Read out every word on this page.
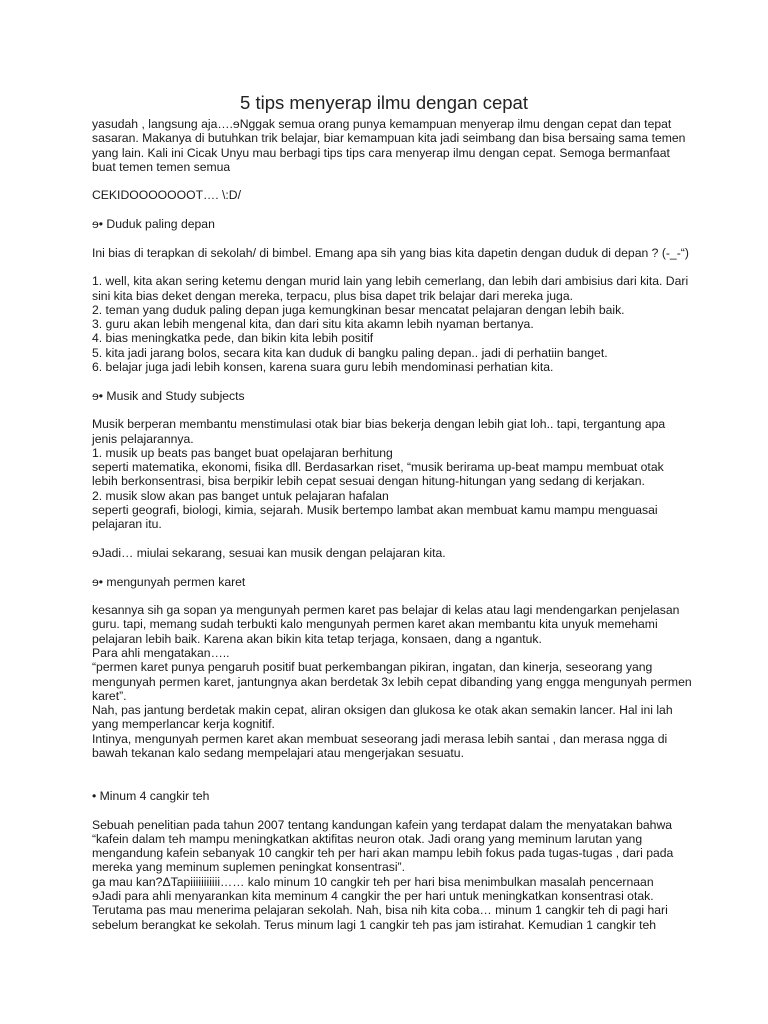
5 tips menyerap ilmu dengan cepat

yasudah , langsung aja….ɘNggak semua orang punya kemampuan menyerap ilmu dengan cepat dan tepat

sasaran. Makanya di butuhkan trik belajar, biar kemampuan kita jadi seimbang dan bisa bersaing sama temen

yang lain. Kali ini Cicak Unyu mau berbagi tips tips cara menyerap ilmu dengan cepat. Semoga bermanfaat

buat temen temen semua

CEKIDOOOOOOOT…. \:D/

ɘ• Duduk paling depan

Ini bias di terapkan di sekolah/ di bimbel. Emang apa sih yang bias kita dapetin dengan duduk di depan ? (-_-“)

1. well, kita akan sering ketemu dengan murid lain yang lebih cemerlang, dan lebih dari ambisius dari kita. Dari

sini kita bias deket dengan mereka, terpacu, plus bisa dapet trik belajar dari mereka juga.

2. teman yang duduk paling depan juga kemungkinan besar mencatat pelajaran dengan lebih baik.

3. guru akan lebih mengenal kita, dan dari situ kita akamn lebih nyaman bertanya.

4. bias meningkatka pede, dan bikin kita lebih positif

5. kita jadi jarang bolos, secara kita kan duduk di bangku paling depan.. jadi di perhatiin banget.

6. belajar juga jadi lebih konsen, karena suara guru lebih mendominasi perhatian kita.

ɘ• Musik and Study subjects

Musik berperan membantu menstimulasi otak biar bias bekerja dengan lebih giat loh.. tapi, tergantung apa

jenis pelajarannya.

1. musik up beats pas banget buat opelajaran berhitung

seperti matematika, ekonomi, fisika dll. Berdasarkan riset, “musik berirama up-beat mampu membuat otak

lebih berkonsentrasi, bisa berpikir lebih cepat sesuai dengan hitung-hitungan yang sedang di kerjakan.

2. musik slow akan pas banget untuk pelajaran hafalan

seperti geografi, biologi, kimia, sejarah. Musik bertempo lambat akan membuat kamu mampu menguasai

pelajaran itu.

ɘJadi… miulai sekarang, sesuai kan musik dengan pelajaran kita.

ɘ• mengunyah permen karet

kesannya sih ga sopan ya mengunyah permen karet pas belajar di kelas atau lagi mendengarkan penjelasan

guru. tapi, memang sudah terbukti kalo mengunyah permen karet akan membantu kita unyuk memehami

pelajaran lebih baik. Karena akan bikin kita tetap terjaga, konsaen, dang a ngantuk.

Para ahli mengatakan…..

“permen karet punya pengaruh positif buat perkembangan pikiran, ingatan, dan kinerja, seseorang yang

mengunyah permen karet, jantungnya akan berdetak 3x lebih cepat dibanding yang engga mengunyah permen

karet”.

Nah, pas jantung berdetak makin cepat, aliran oksigen dan glukosa ke otak akan semakin lancer. Hal ini lah

yang memperlancar kerja kognitif.

Intinya, mengunyah permen karet akan membuat seseorang jadi merasa lebih santai , dan merasa ngga di

bawah tekanan kalo sedang mempelajari atau mengerjakan sesuatu.

• Minum 4 cangkir teh

Sebuah penelitian pada tahun 2007 tentang kandungan kafein yang terdapat dalam the menyatakan bahwa

“kafein dalam teh mampu meningkatkan aktifitas neuron otak. Jadi orang yang meminum larutan yang

mengandung kafein sebanyak 10 cangkir teh per hari akan mampu lebih fokus pada tugas-tugas , dari pada

mereka yang meminum suplemen peningkat konsentrasi”.

ga mau kan?ΔTapiiiiiiiiiii…… kalo minum 10 cangkir teh per hari bisa menimbulkan masalah pencernaan

ɘJadi para ahli menyarankan kita meminum 4 cangkir the per hari untuk meningkatkan konsentrasi otak.

Terutama pas mau menerima pelajaran sekolah. Nah, bisa nih kita coba… minum 1 cangkir teh di pagi hari

sebelum berangkat ke sekolah. Terus minum lagi 1 cangkir teh pas jam istirahat. Kemudian 1 cangkir teh
